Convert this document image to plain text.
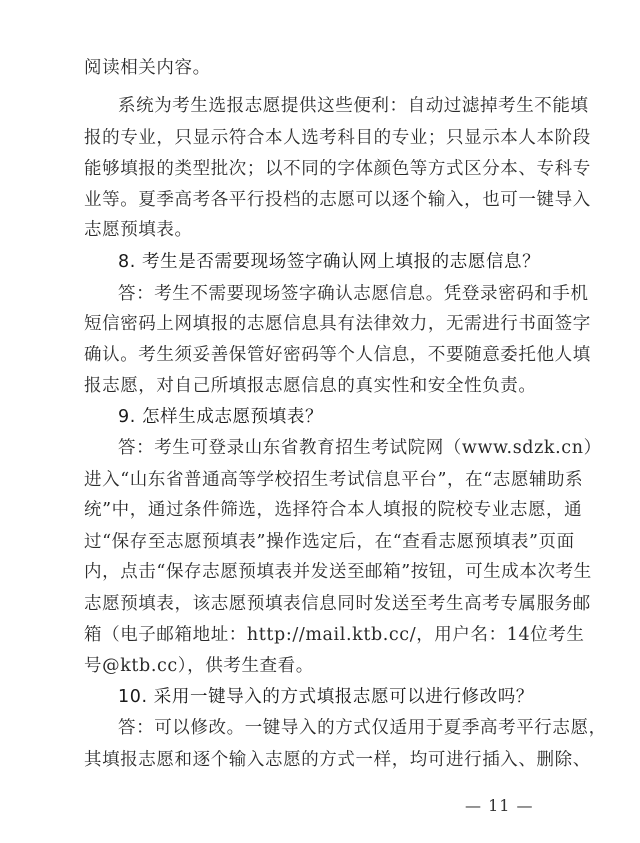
阅读相关内容。
系统为考生选报志愿提供这些便利：自动过滤掉考生不能填
报的专业，只显示符合本人选考科目的专业；只显示本人本阶段
能够填报的类型批次；以不同的字体颜色等方式区分本、专科专
业等。夏季高考各平行投档的志愿可以逐个输入，也可一键导入
志愿预填表。
8. 考生是否需要现场签字确认网上填报的志愿信息？
答：考生不需要现场签字确认志愿信息。凭登录密码和手机
短信密码上网填报的志愿信息具有法律效力，无需进行书面签字
确认。考生须妥善保管好密码等个人信息，不要随意委托他人填
报志愿，对自己所填报志愿信息的真实性和安全性负责。
9. 怎样生成志愿预填表？
答：考生可登录山东省教育招生考试院网（www.sdzk.cn）
进入“山东省普通高等学校招生考试信息平台”，在“志愿辅助系
统”中，通过条件筛选，选择符合本人填报的院校专业志愿，通
过“保存至志愿预填表”操作选定后，在“查看志愿预填表”页面
内，点击“保存志愿预填表并发送至邮箱”按钮，可生成本次考生
志愿预填表，该志愿预填表信息同时发送至考生高考专属服务邮
箱（电子邮箱地址：http://mail.ktb.cc/，用户名：14位考生
号@ktb.cc），供考生查看。
10. 采用一键导入的方式填报志愿可以进行修改吗？
答：可以修改。一键导入的方式仅适用于夏季高考平行志愿，
其填报志愿和逐个输入志愿的方式一样，均可进行插入、删除、
— 11 —
